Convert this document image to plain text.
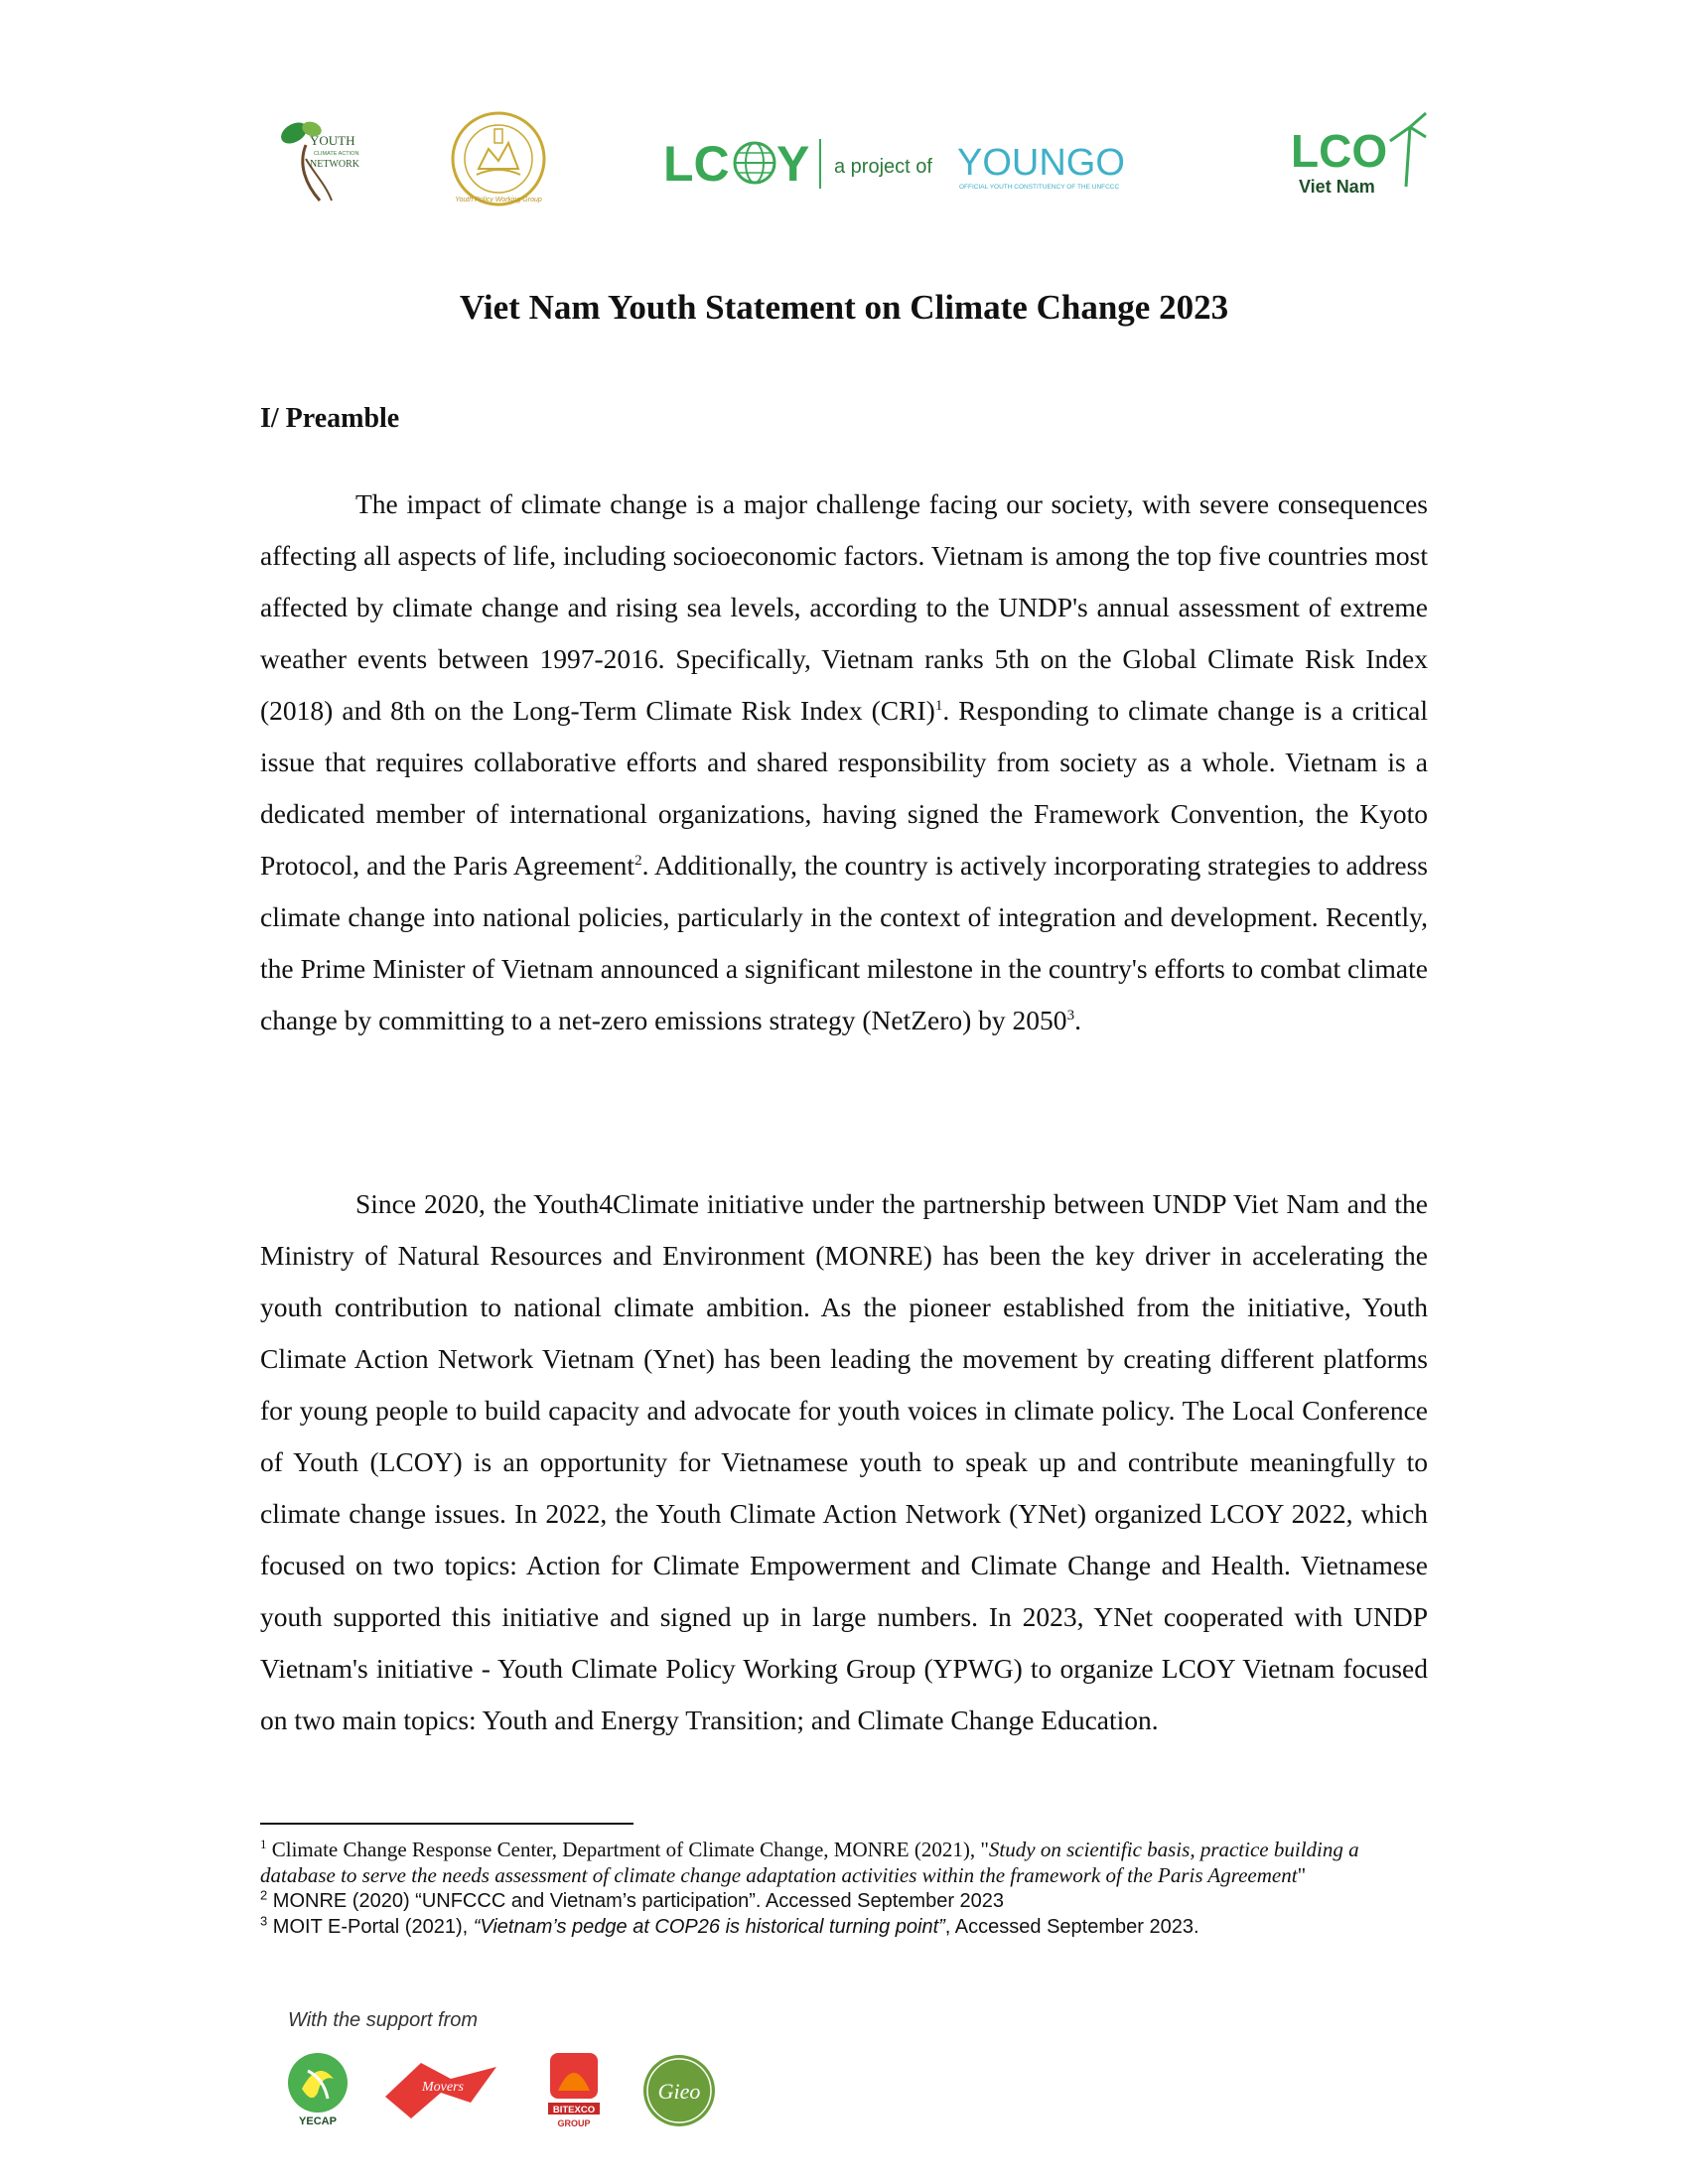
YOUTH
CLIMATE ACTION
NETWORK
Youth Policy Working Group
LC Y a project of YOUNGO
OFFICIAL YOUTH CONSTITUENCY OF THE UNFCCC
LCO
Viet Nam
Viet Nam Youth Statement on Climate Change 2023
I/ Preamble

The impact of climate change is a major challenge facing our society, with severe consequences affecting all aspects of life, including socioeconomic factors. Vietnam is among the top five countries most affected by climate change and rising sea levels, according to the UNDP's annual assessment of extreme weather events between 1997-2016. Specifically, Vietnam ranks 5th on the Global Climate Risk Index (2018) and 8th on the Long-Term Climate Risk Index (CRI)$^1$. Responding to climate change is a critical issue that requires collaborative efforts and shared responsibility from society as a whole. Vietnam is a dedicated member of international organizations, having signed the Framework Convention, the Kyoto Protocol, and the Paris Agreement$^2$. Additionally, the country is actively incorporating strategies to address climate change into national policies, particularly in the context of integration and development. Recently, the Prime Minister of Vietnam announced a significant milestone in the country's efforts to combat climate change by committing to a net-zero emissions strategy (NetZero) by 2050$^3$.

Since 2020, the Youth4Climate initiative under the partnership between UNDP Viet Nam and the Ministry of Natural Resources and Environment (MONRE) has been the key driver in accelerating the youth contribution to national climate ambition. As the pioneer established from the initiative, Youth Climate Action Network Vietnam (Ynet) has been leading the movement by creating different platforms for young people to build capacity and advocate for youth voices in climate policy. The Local Conference of Youth (LCOY) is an opportunity for Vietnamese youth to speak up and contribute meaningfully to climate change issues. In 2022, the Youth Climate Action Network (YNet) organized LCOY 2022, which focused on two topics: Action for Climate Empowerment and Climate Change and Health. Vietnamese youth supported this initiative and signed up in large numbers. In 2023, YNet cooperated with UNDP Vietnam's initiative - Youth Climate Policy Working Group (YPWG) to organize LCOY Vietnam focused on two main topics: Youth and Energy Transition; and Climate Change Education.

$^1$ Climate Change Response Center, Department of Climate Change, MONRE (2021), "Study on scientific basis, practice building a database to serve the needs assessment of climate change adaptation activities within the framework of the Paris Agreement"

$^2$ MONRE (2020) “UNFCCC and Vietnam’s participation”. Accessed September 2023

$^3$ MOIT E-Portal (2021), “Vietnam’s pedge at COP26 is historical turning point”, Accessed September 2023.

With the support from
YECAP
Movers
BITEXCO
GROUP
Gieo
